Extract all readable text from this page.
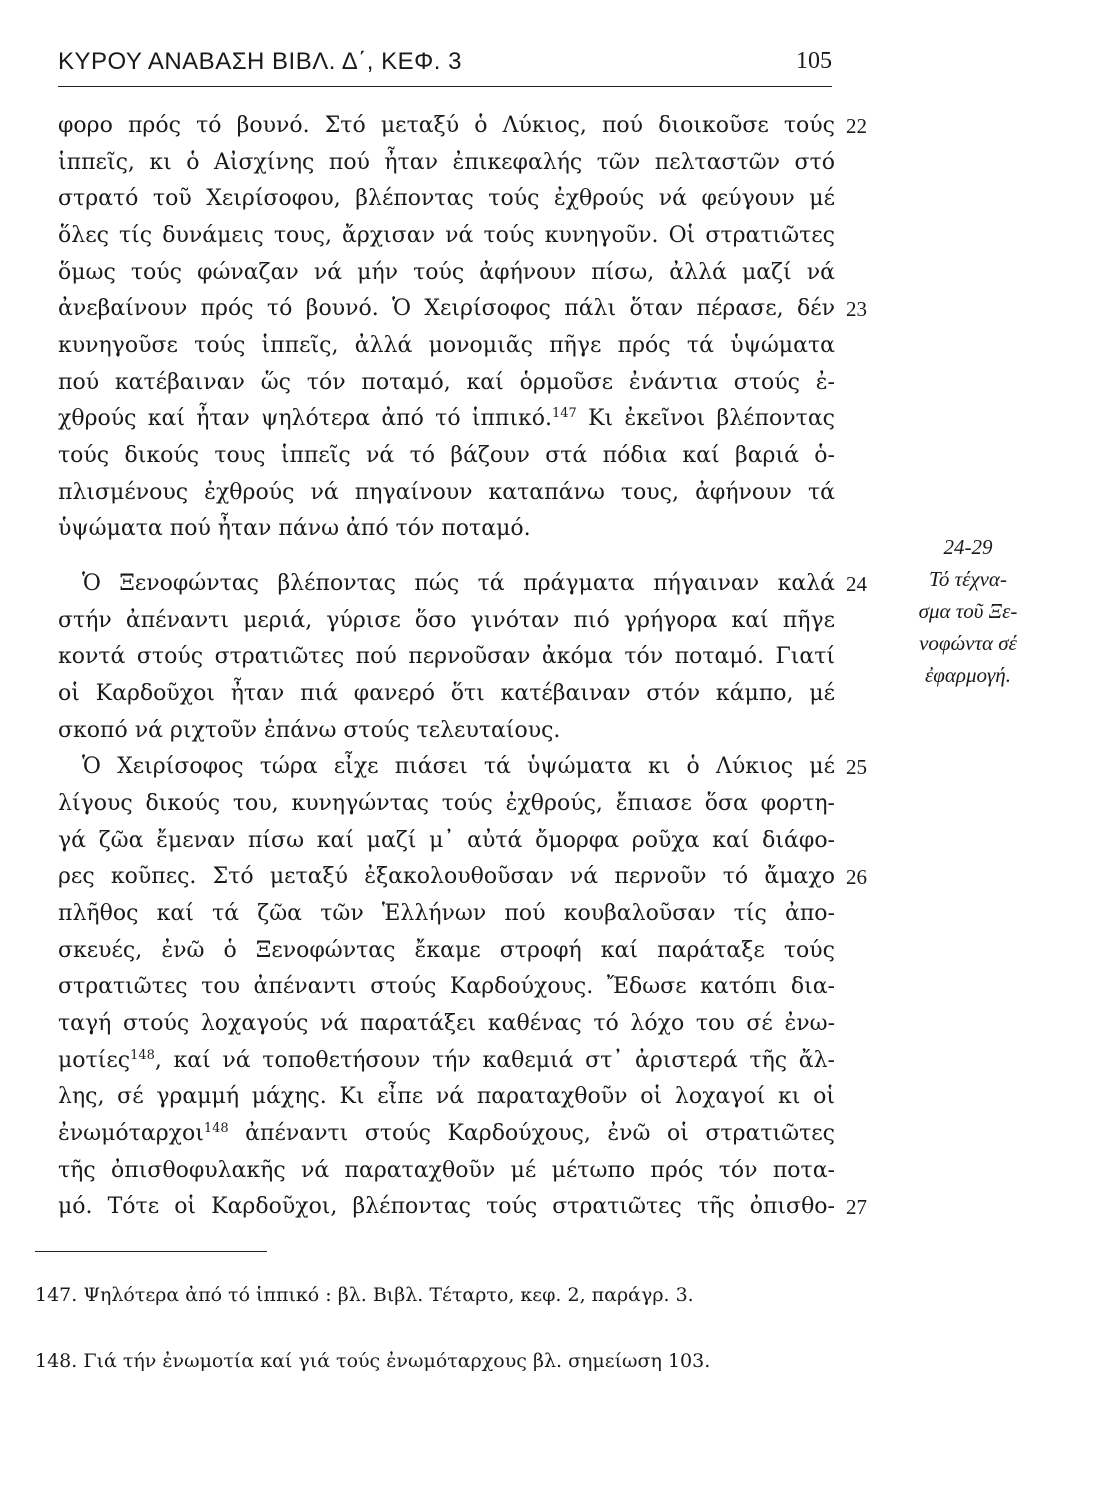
ΚΥΡΟΥ ΑΝΑΒΑΣΗ ΒΙΒΛ. Δ΄, ΚΕΦ. 3	105
φορο πρός τό βουνό. Στό μεταξύ ὁ Λύκιος, πού διοικοῦσε τούς
ἱππεῖς, κι ὁ Αἰσχίνης πού ἦταν ἐπικεφαλής τῶν πελταστῶν στό
στρατό τοῦ Χειρίσοφου, βλέποντας τούς ἐχθρούς νά φεύγουν μέ
ὅλες τίς δυνάμεις τους, ἄρχισαν νά τούς κυνηγοῦν. Οἱ στρατιῶτες
ὅμως τούς φώναζαν νά μήν τούς ἀφήνουν πίσω, ἀλλά μαζί νά
ἀνεβαίνουν πρός τό βουνό. Ὁ Χειρίσοφος πάλι ὅταν πέρασε, δέν
κυνηγοῦσε τούς ἱππεῖς, ἀλλά μονομιᾶς πῆγε πρός τά ὑψώματα
πού κατέβαιναν ὥς τόν ποταμό, καί ὁρμοῦσε ἐνάντια στούς ἐ-
χθρούς καί ἦταν ψηλότερα ἀπό τό ἱππικό.$^{147}$ Κι ἐκεῖνοι βλέποντας
τούς δικούς τους ἱππεῖς νά τό βάζουν στά πόδια καί βαριά ὁ-
πλισμένους ἐχθρούς νά πηγαίνουν καταπάνω τους, ἀφήνουν τά
ὑψώματα πού ἦταν πάνω ἀπό τόν ποταμό.
Ὁ Ξενοφώντας βλέποντας πώς τά πράγματα πήγαιναν καλά
στήν ἀπέναντι μεριά, γύρισε ὅσο γινόταν πιό γρήγορα καί πῆγε
κοντά στούς στρατιῶτες πού περνοῦσαν ἀκόμα τόν ποταμό. Γιατί
οἱ Καρδοῦχοι ἦταν πιά φανερό ὅτι κατέβαιναν στόν κάμπο, μέ
σκοπό νά ριχτοῦν ἐπάνω στούς τελευταίους.
Ὁ Χειρίσοφος τώρα εἶχε πιάσει τά ὑψώματα κι ὁ Λύκιος μέ
λίγους δικούς του, κυνηγώντας τούς ἐχθρούς, ἔπιασε ὅσα φορτη-
γά ζῶα ἔμεναν πίσω καί μαζί μ᾽ αὐτά ὄμορφα ροῦχα καί διάφο-
ρες κοῦπες. Στό μεταξύ ἐξακολουθοῦσαν νά περνοῦν τό ἄμαχο
πλῆθος καί τά ζῶα τῶν Ἑλλήνων πού κουβαλοῦσαν τίς ἀπο-
σκευές, ἐνῶ ὁ Ξενοφώντας ἔκαμε στροφή καί παράταξε τούς
στρατιῶτες του ἀπέναντι στούς Καρδούχους. Ἔδωσε κατόπι δια-
ταγή στούς λοχαγούς νά παρατάξει καθένας τό λόχο του σέ ἐνω-
μοτίες$^{148}$, καί νά τοποθετήσουν τήν καθεμιά στ᾽ ἀριστερά τῆς ἄλ-
λης, σέ γραμμή μάχης. Κι εἶπε νά παραταχθοῦν οἱ λοχαγοί κι οἱ
ἐνωμόταρχοι$^{148}$ ἀπέναντι στούς Καρδούχους, ἐνῶ οἱ στρατιῶτες
τῆς ὀπισθοφυλακῆς νά παραταχθοῦν μέ μέτωπο πρός τόν ποτα-
μό. Τότε οἱ Καρδοῦχοι, βλέποντας τούς στρατιῶτες τῆς ὀπισθο-
22
23
24
25
26
27
24-29
Τό τέχνα-
σμα τοῦ Ξε-
νοφώντα σέ
ἐφαρμογή.
147. Ψηλότερα ἀπό τό ἱππικό : βλ. Βιβλ. Τέταρτο, κεφ. 2, παράγρ. 3.
148. Γιά τήν ἐνωμοτία καί γιά τούς ἐνωμόταρχους βλ. σημείωση 103.
